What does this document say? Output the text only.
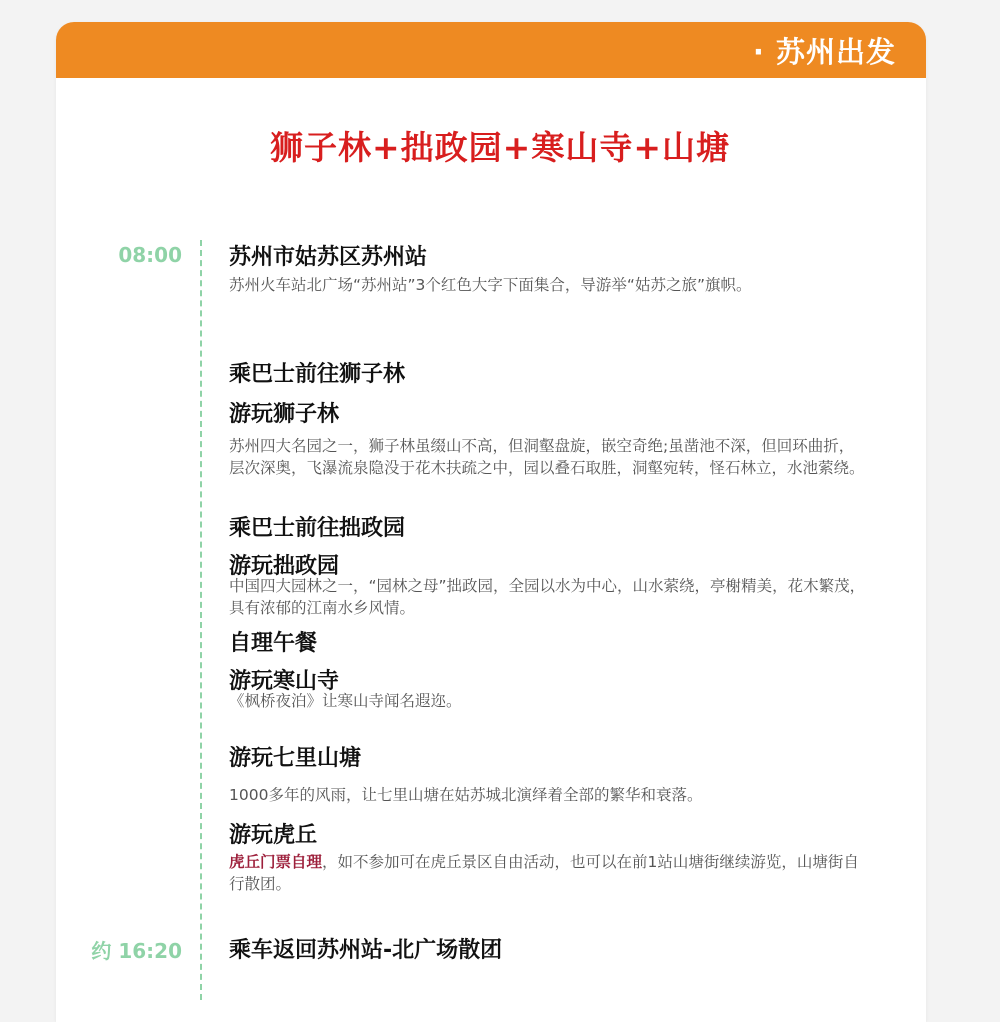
· 苏州出发
狮子林+拙政园+寒山寺+山塘
08:00
约 16:20
苏州市姑苏区苏州站
苏州火车站北广场“苏州站”3个红色大字下面集合，导游举“姑苏之旅”旗帜。
乘巴士前往狮子林
游玩狮子林
苏州四大名园之一，狮子林虽缀山不高，但洞壑盘旋，嵌空奇绝;虽凿池不深，但回环曲折，层次深奥，飞瀑流泉隐没于花木扶疏之中，园以叠石取胜，洞壑宛转，怪石林立，水池萦绕。
乘巴士前往拙政园
游玩拙政园
中国四大园林之一，“园林之母”拙政园，全园以水为中心，山水萦绕，亭榭精美，花木繁茂，具有浓郁的江南水乡风情。
自理午餐
游玩寒山寺
《枫桥夜泊》让寒山寺闻名遐迩。
游玩七里山塘
1000多年的风雨，让七里山塘在姑苏城北演绎着全部的繁华和衰落。
游玩虎丘
虎丘门票自理，如不参加可在虎丘景区自由活动，也可以在前1站山塘街继续游览，山塘街自行散团。
乘车返回苏州站-北广场散团
